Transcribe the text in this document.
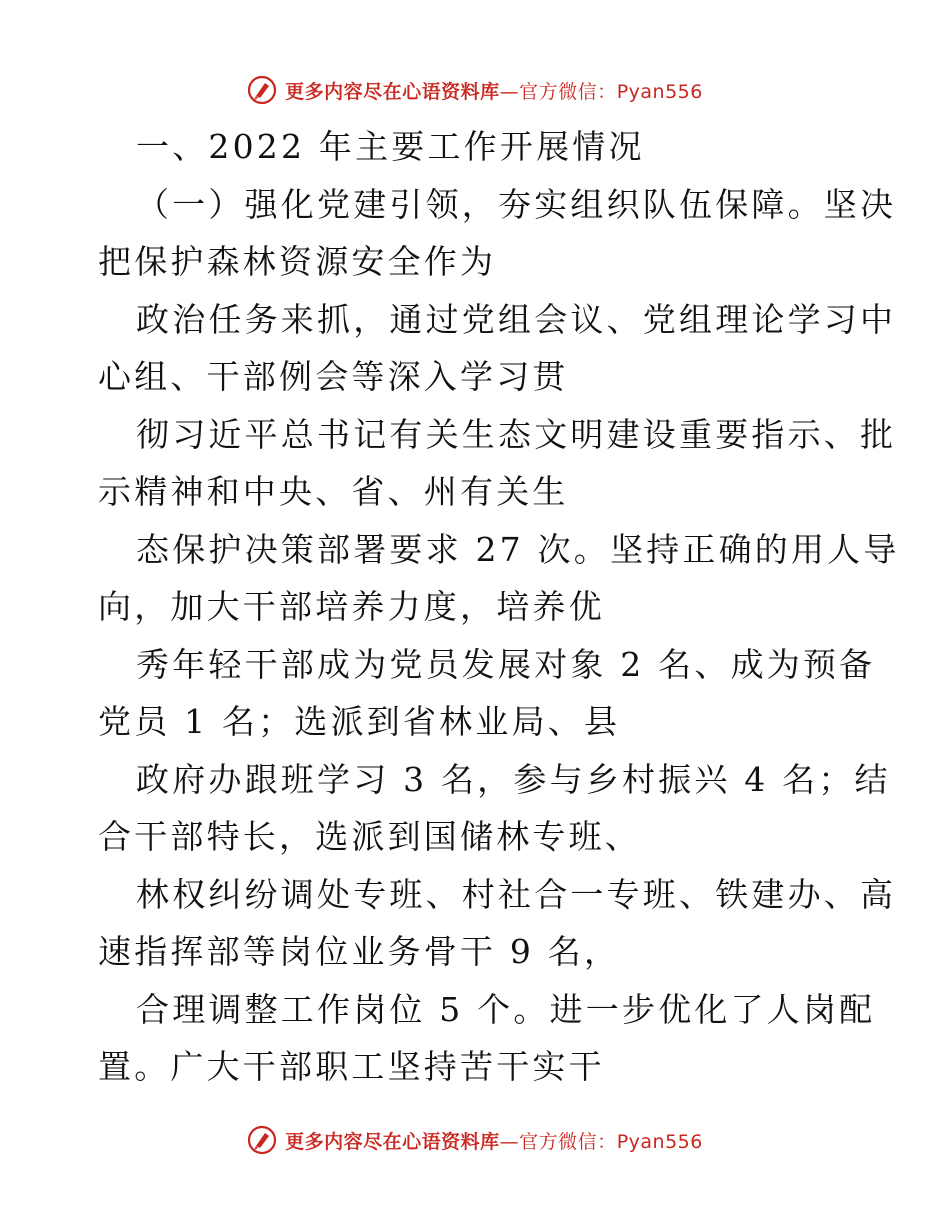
更多内容尽在心语资料库—官方微信：Pyan556
一、2022 年主要工作开展情况
（一）强化党建引领，夯实组织队伍保障。坚决
把保护森林资源安全作为
政治任务来抓，通过党组会议、党组理论学习中
心组、干部例会等深入学习贯
彻习近平总书记有关生态文明建设重要指示、批
示精神和中央、省、州有关生
态保护决策部署要求 27 次。坚持正确的用人导
向，加大干部培养力度，培养优
秀年轻干部成为党员发展对象 2 名、成为预备
党员 1 名；选派到省林业局、县
政府办跟班学习 3 名，参与乡村振兴 4 名；结
合干部特长，选派到国储林专班、
林权纠纷调处专班、村社合一专班、铁建办、高
速指挥部等岗位业务骨干 9 名，
合理调整工作岗位 5 个。进一步优化了人岗配
置。广大干部职工坚持苦干实干
更多内容尽在心语资料库—官方微信：Pyan556
